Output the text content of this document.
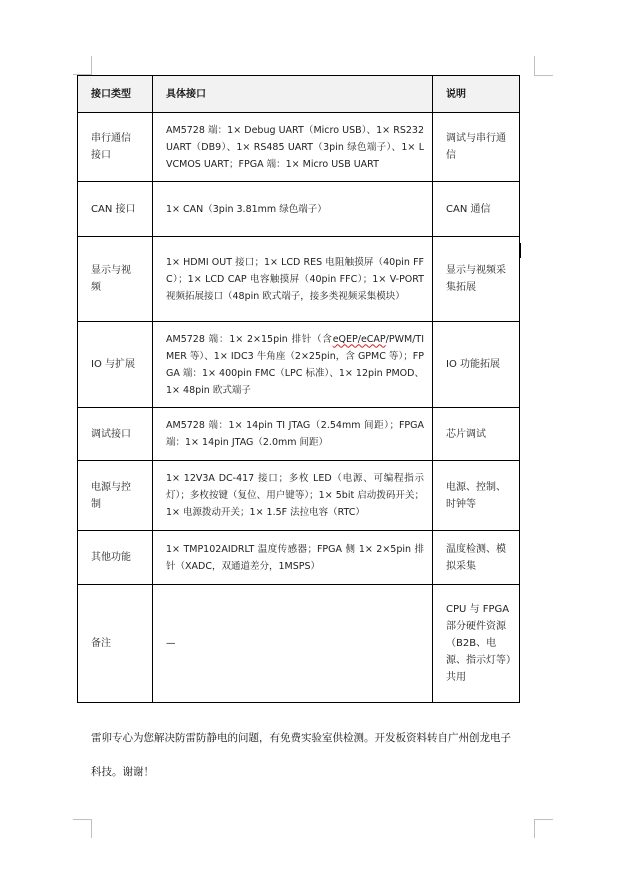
接口类型	具体接口	说明
串行通信接口	AM5728 端：1× Debug UART（Micro USB）、1× RS232 UART（DB9）、1× RS485 UART（3pin 绿色端子）、1× LVCMOS UART；FPGA 端：1× Micro USB UART	调试与串行通信
CAN 接口	1× CAN（3pin 3.81mm 绿色端子）	CAN 通信
显示与视频	1× HDMI OUT 接口；1× LCD RES 电阻触摸屏（40pin FFC）；1× LCD CAP 电容触摸屏（40pin FFC）；1× V-PORT 视频拓展接口（48pin 欧式端子，接多类视频采集模块）	显示与视频采集拓展
IO 与扩展	AM5728 端：1× 2×15pin 排针（含eQEP/eCAP/PWM/TIMER 等）、1× IDC3 牛角座（2×25pin，含 GPMC 等）；FPGA 端：1× 400pin FMC（LPC 标准）、1× 12pin PMOD、1× 48pin 欧式端子	IO 功能拓展
调试接口	AM5728 端：1× 14pin TI JTAG（2.54mm 间距）；FPGA 端：1× 14pin JTAG（2.0mm 间距）	芯片调试
电源与控制	1× 12V3A DC-417 接口；多枚 LED（电源、可编程指示灯）；多枚按键（复位、用户键等）；1× 5bit 启动拨码开关；1× 电源拨动开关；1× 1.5F 法拉电容（RTC）	电源、控制、时钟等
其他功能	1× TMP102AIDRLT 温度传感器；FPGA 侧 1× 2×5pin 排针（XADC，双通道差分，1MSPS）	温度检测、模拟采集
备注	—	CPU 与 FPGA 部分硬件资源（B2B、电源、指示灯等）共用
雷卯专心为您解决防雷防静电的问题，有免费实验室供检测。开发板资料转自广州创龙电子
科技。谢谢！
